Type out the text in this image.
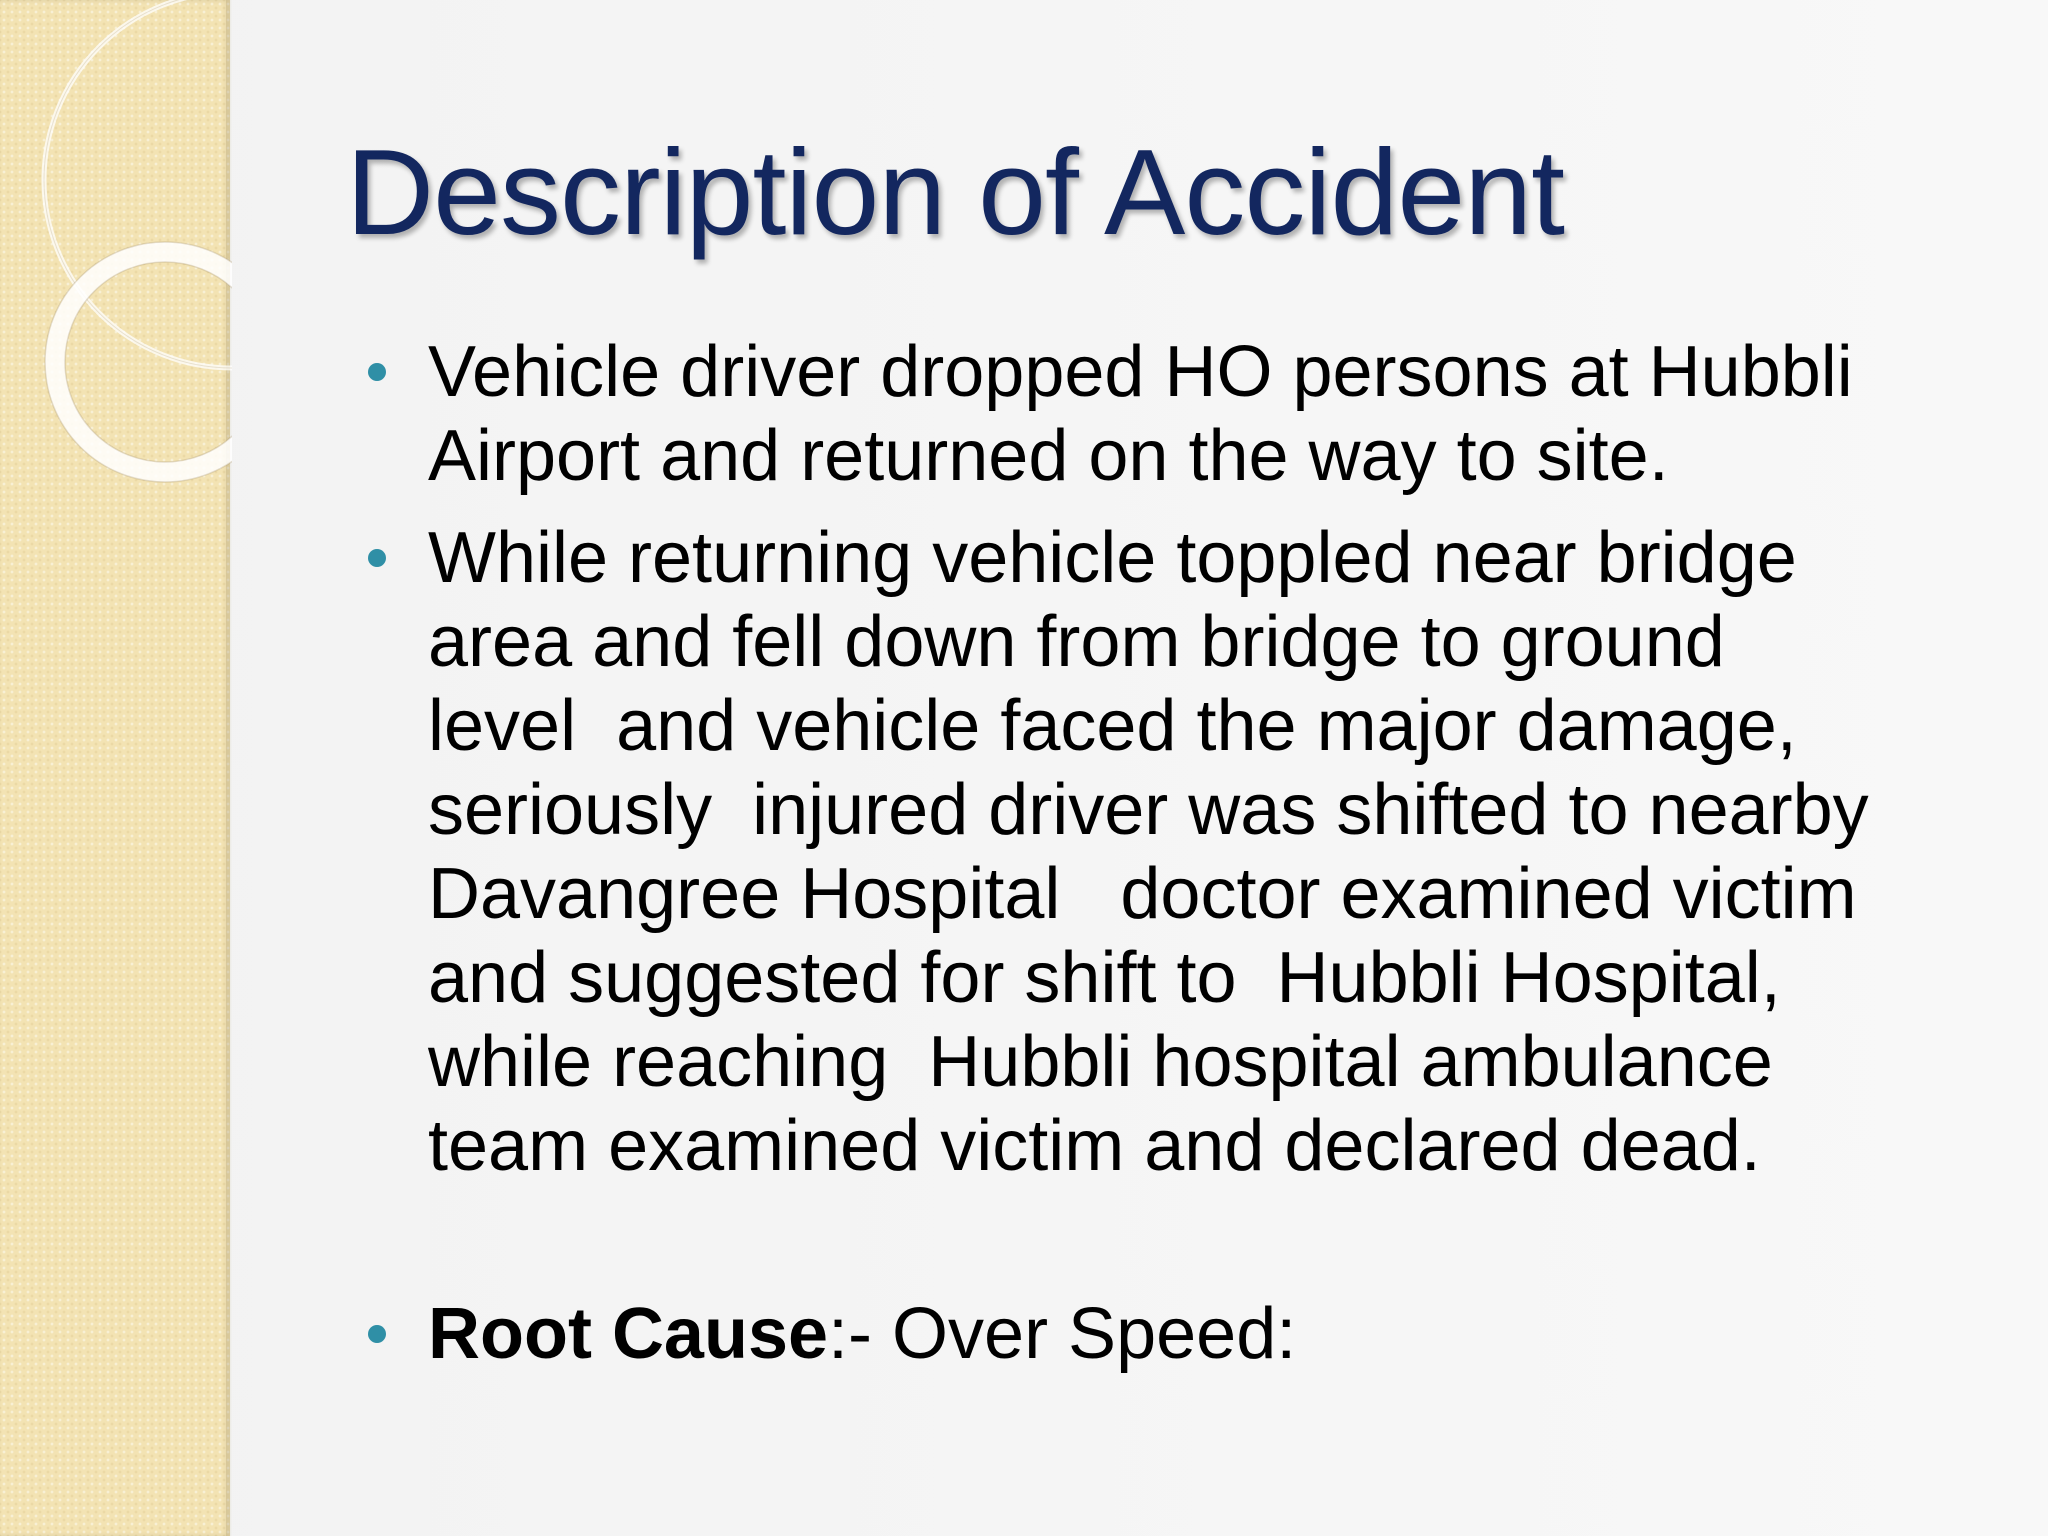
Description of Accident
Vehicle driver dropped HO persons at Hubbli
Airport and returned on the way to site.
While returning vehicle toppled near bridge
area and fell down from bridge to ground
level  and vehicle faced the major damage,
seriously  injured driver was shifted to nearby
Davangree Hospital   doctor examined victim
and suggested for shift to  Hubbli Hospital,
while reaching  Hubbli hospital ambulance
team examined victim and declared dead.
Root Cause:- Over Speed:
